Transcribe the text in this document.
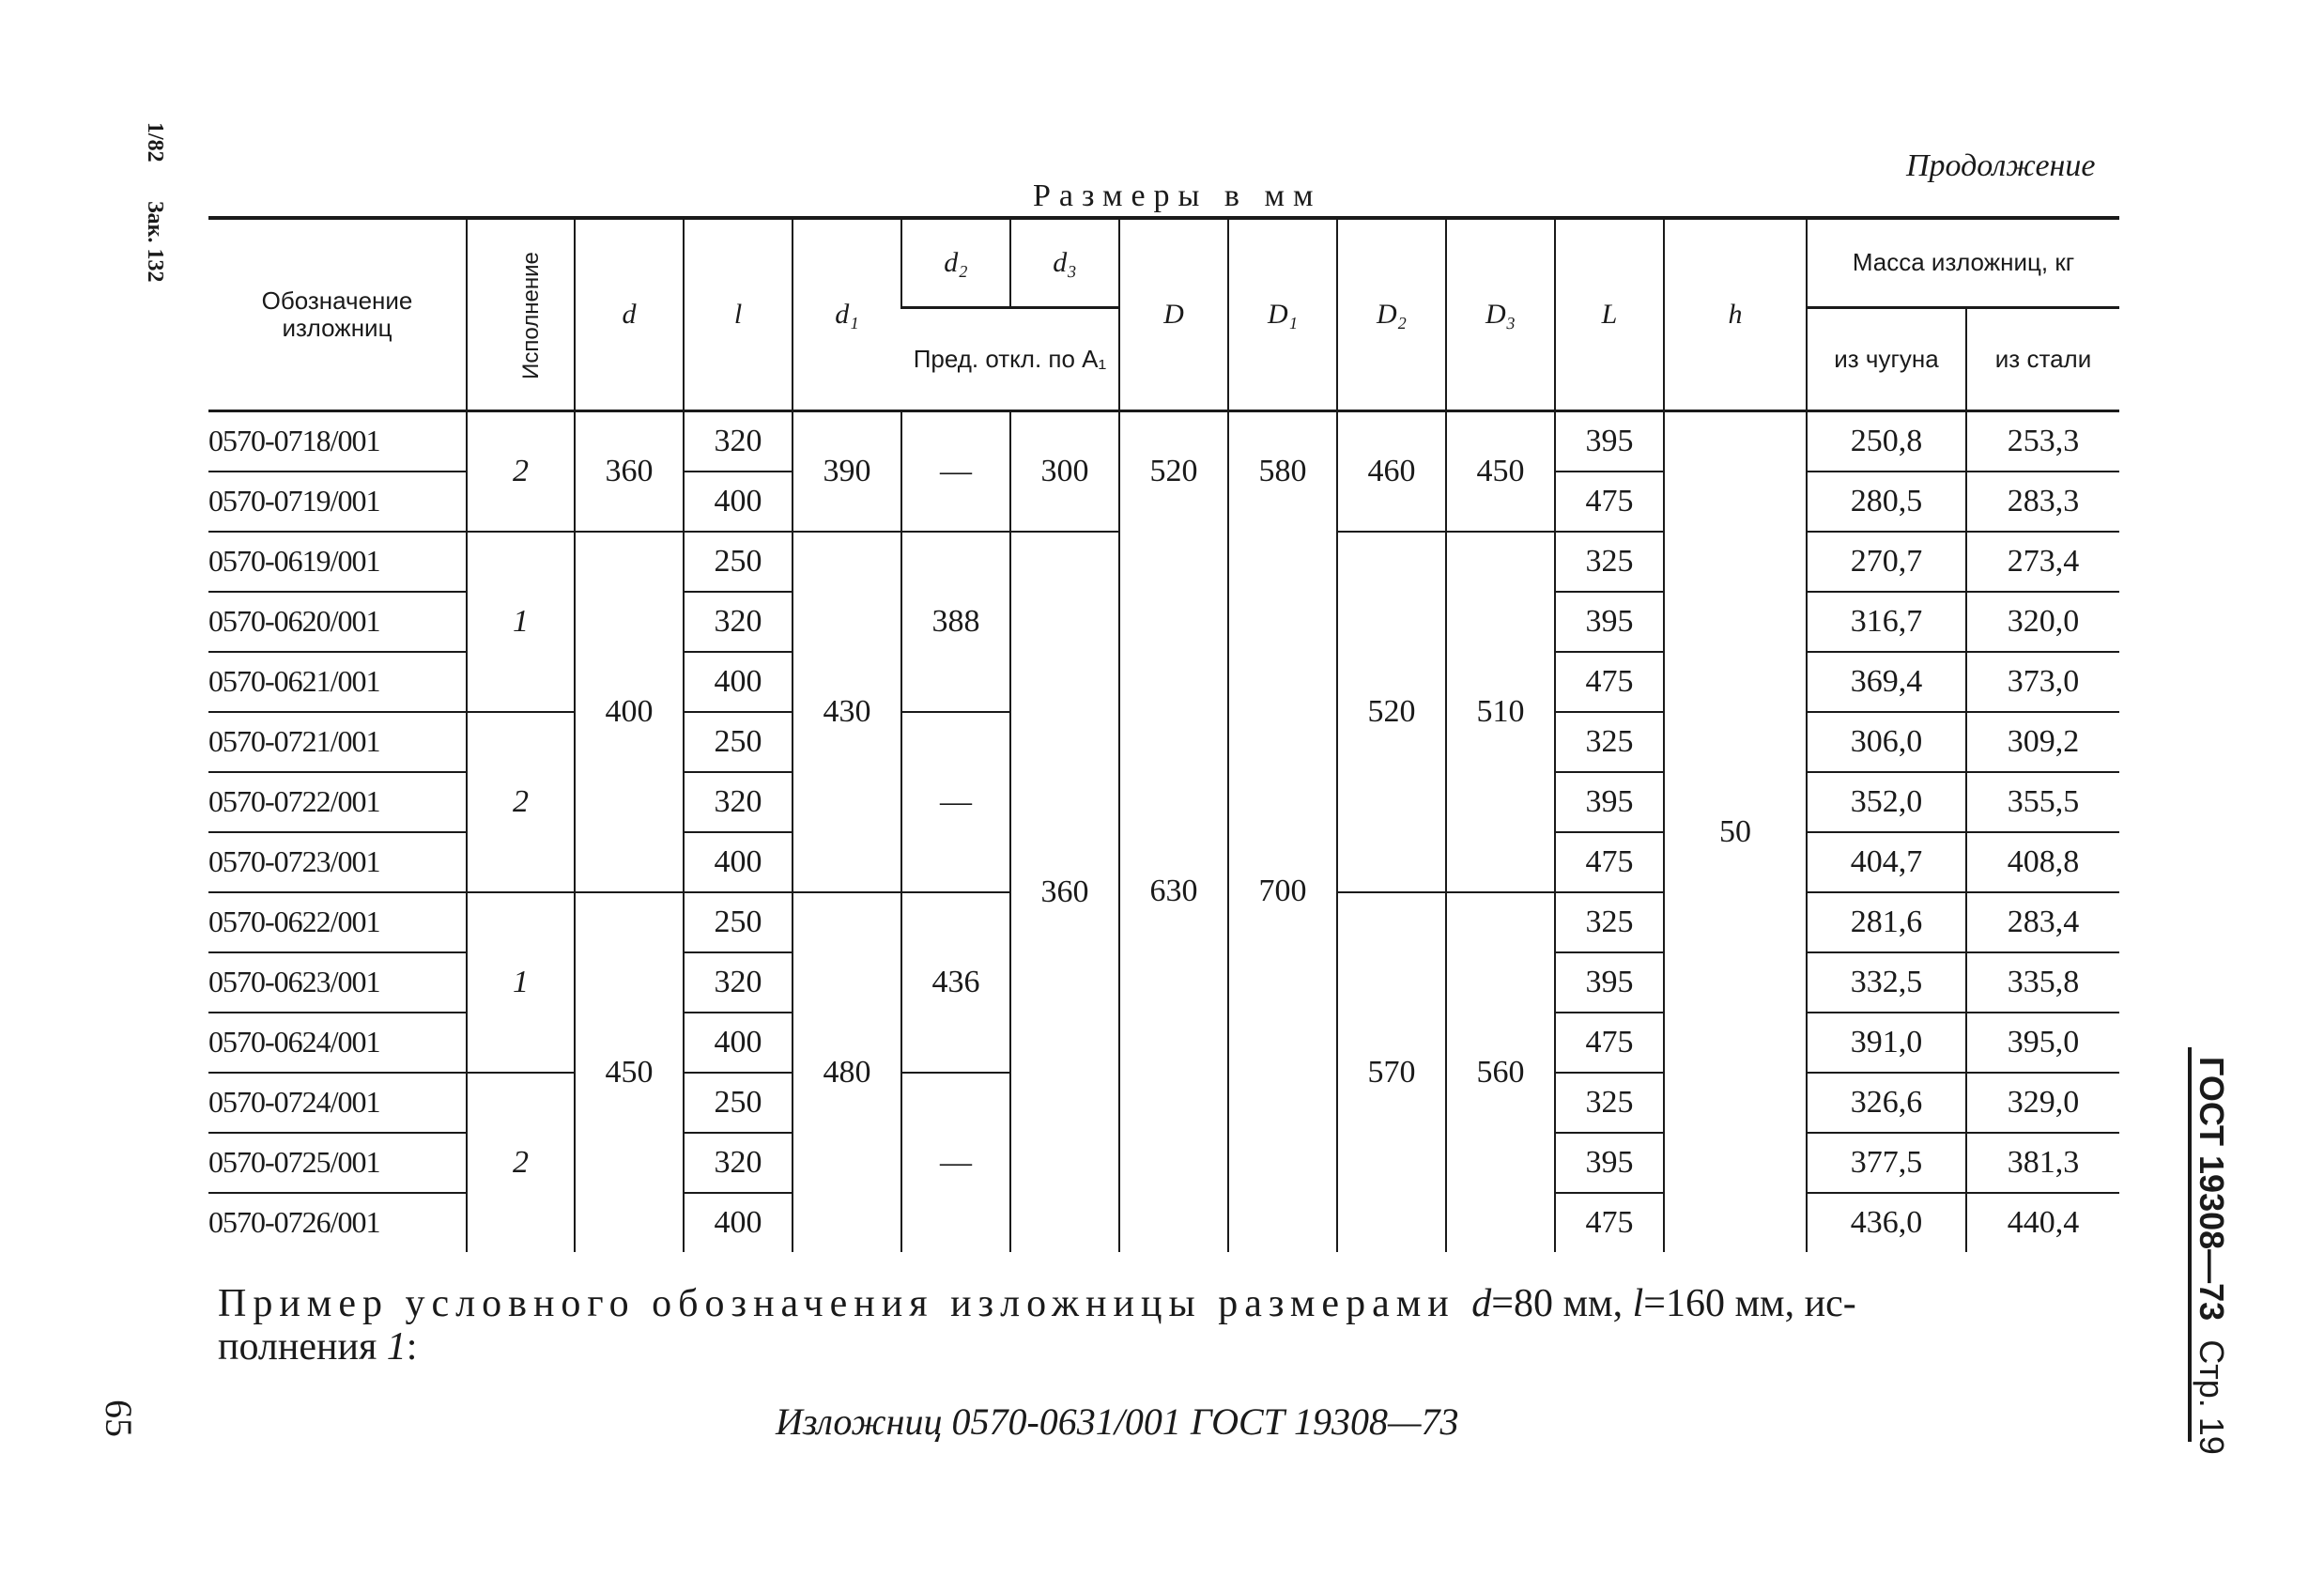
Продолжение
Размеры в мм
1/82
Зак. 132
ГОСТ 19308—73  Стр. 19
Обозначение изложниц	Исполнение	d	l	d₁	d₂	d₃	D	D₁	D₂	D₃	L	h	Масса изложниц, кг	
					Пред. откл. по A₁								из чугуна	из стали
0570-0718/001	2	360	320	390	—	300	520	580	460	450	395	50	250,8	253,3
0570-0719/001			400								475		280,5	283,3
0570-0619/001	1	400	250	430	388	360	630	700	520	510	325		270,7	273,4
0570-0620/001			320								395		316,7	320,0
0570-0621/001			400								475		369,4	373,0
0570-0721/001	2		250		—						325		306,0	309,2
0570-0722/001			320								395		352,0	355,5
0570-0723/001			400								475		404,7	408,8
0570-0622/001	1	450	250	480	436				570	560	325		281,6	283,4
0570-0623/001			320								395		332,5	335,8
0570-0624/001			400								475		391,0	395,0
0570-0724/001	2		250		—						325		326,6	329,0
0570-0725/001			320								395		377,5	381,3
0570-0726/001			400								475		436,0	440,4
Пример условного обозначения изложницы размерами d=80 мм, l=160 мм, ис-
полнения 1:
Изложниц 0570-0631/001 ГОСТ 19308—73
65
